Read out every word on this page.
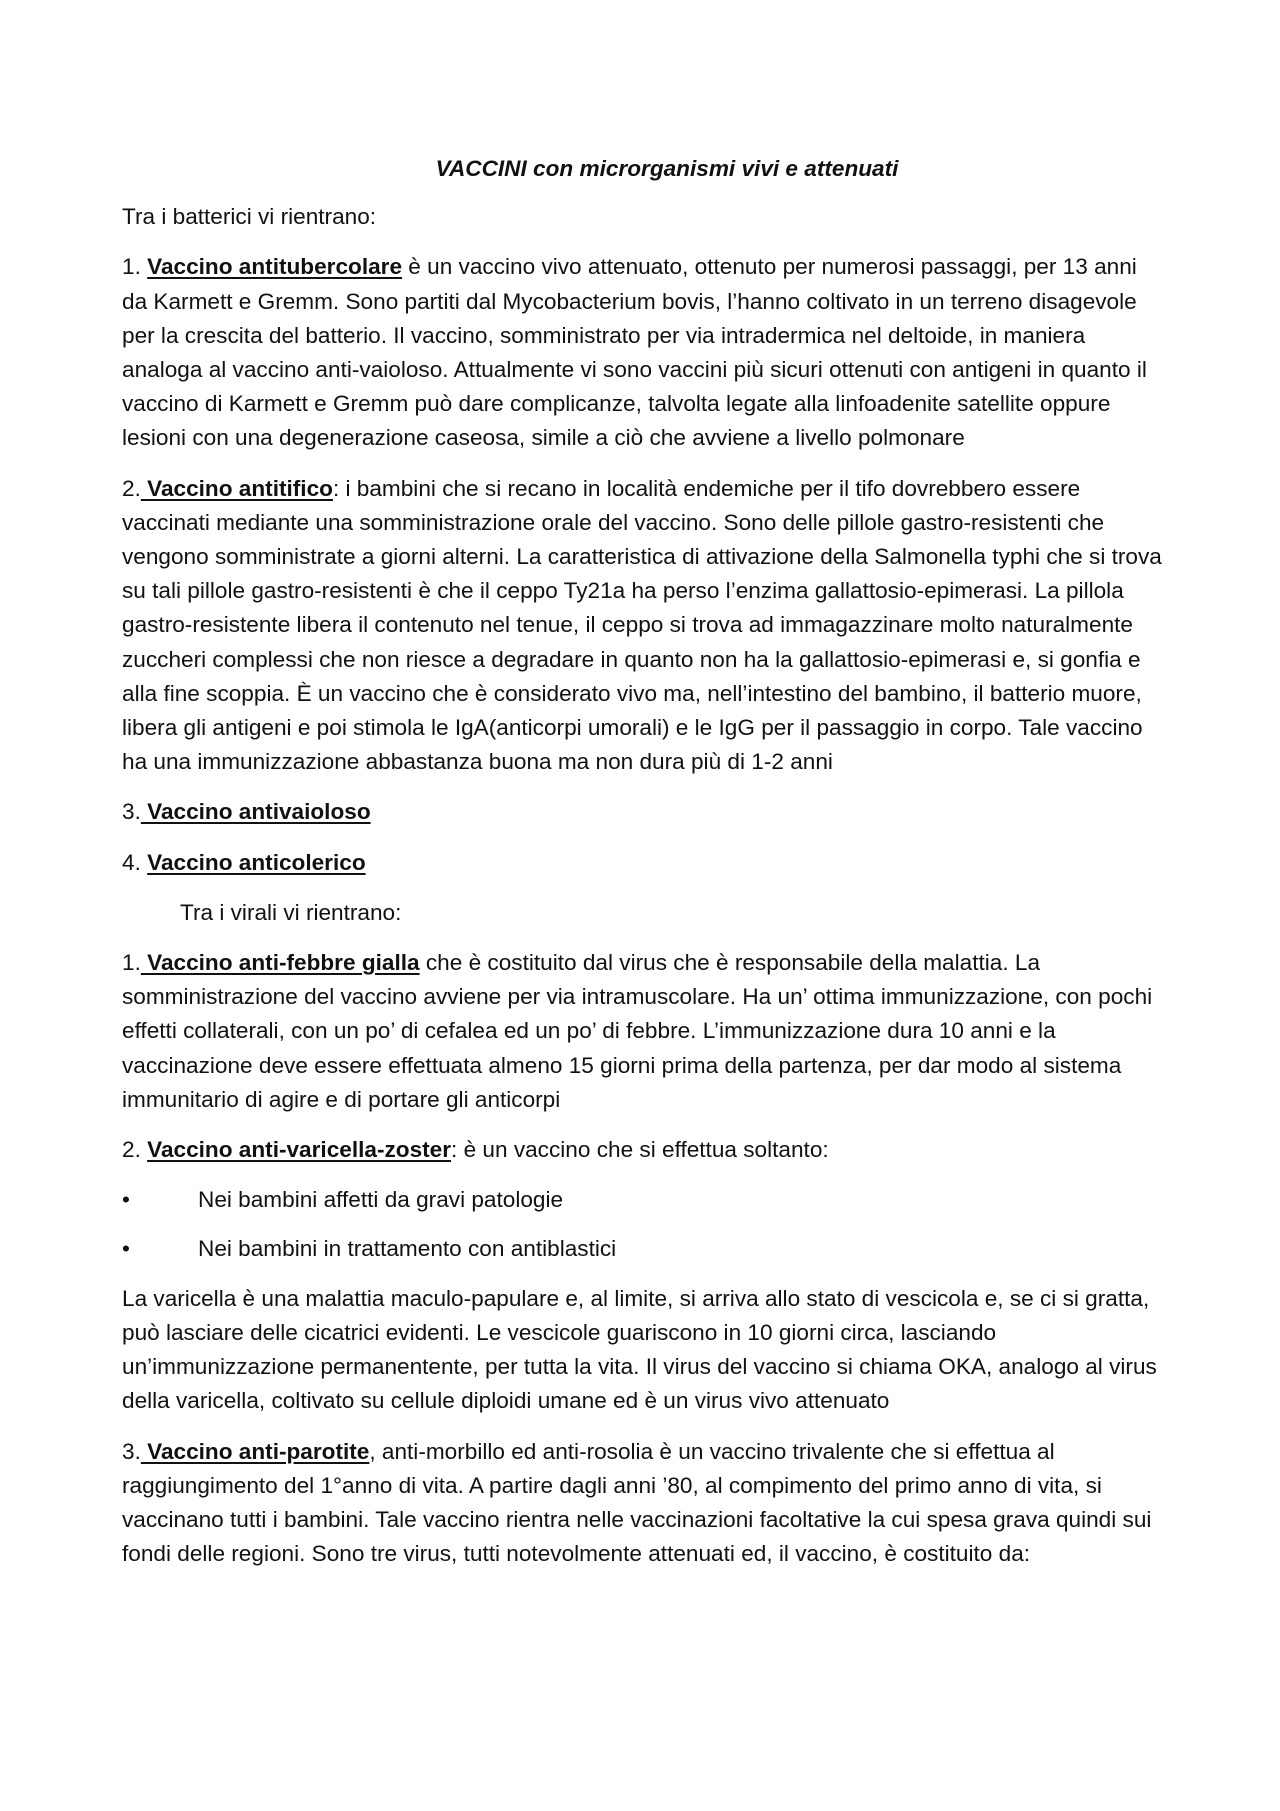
VACCINI con microrganismi vivi e attenuati

Tra i batterici vi rientrano:

1. Vaccino antitubercolare è un vaccino vivo attenuato, ottenuto per numerosi passaggi, per 13 anni da Karmett e Gremm. Sono partiti dal Mycobacterium bovis, l’hanno coltivato in un terreno disagevole per la crescita del batterio. Il vaccino, somministrato per via intradermica nel deltoide, in maniera analoga al vaccino anti-vaioloso. Attualmente vi sono vaccini più sicuri ottenuti con antigeni in quanto il vaccino di Karmett e Gremm può dare complicanze, talvolta legate alla linfoadenite satellite oppure lesioni con una degenerazione caseosa, simile a ciò che avviene a livello polmonare

2. Vaccino antitifico: i bambini che si recano in località endemiche per il tifo dovrebbero essere vaccinati mediante una somministrazione orale del vaccino. Sono delle pillole gastro-resistenti che vengono somministrate a giorni alterni. La caratteristica di attivazione della Salmonella typhi che si trova su tali pillole gastro-resistenti è che il ceppo Ty21a ha perso l’enzima gallattosio-epimerasi. La pillola gastro-resistente libera il contenuto nel tenue, il ceppo si trova ad immagazzinare molto naturalmente zuccheri complessi che non riesce a degradare in quanto non ha la gallattosio-epimerasi e, si gonfia e alla fine scoppia. È un vaccino che è considerato vivo ma, nell’intestino del bambino, il batterio muore, libera gli antigeni e poi stimola le IgA(anticorpi umorali) e le IgG per il passaggio in corpo. Tale vaccino ha una immunizzazione abbastanza buona ma non dura più di 1-2 anni

3. Vaccino antivaioloso

4. Vaccino anticolerico

Tra i virali vi rientrano:

1. Vaccino anti-febbre gialla che è costituito dal virus che è responsabile della malattia. La somministrazione del vaccino avviene per via intramuscolare. Ha un’ ottima immunizzazione, con pochi effetti collaterali, con un po’ di cefalea ed un po’ di febbre. L’immunizzazione dura 10 anni e la vaccinazione deve essere effettuata almeno 15 giorni prima della partenza, per dar modo al sistema immunitario di agire e di portare gli anticorpi

2. Vaccino anti-varicella-zoster: è un vaccino che si effettua soltanto:

•	Nei bambini affetti da gravi patologie
•	Nei bambini in trattamento con antiblastici

La varicella è una malattia maculo-papulare e, al limite, si arriva allo stato di vescicola e, se ci si gratta, può lasciare delle cicatrici evidenti. Le vescicole guariscono in 10 giorni circa, lasciando un’immunizzazione permanentente, per tutta la vita. Il virus del vaccino si chiama OKA, analogo al virus della varicella, coltivato su cellule diploidi umane ed è un virus vivo attenuato

3. Vaccino anti-parotite, anti-morbillo ed anti-rosolia è un vaccino trivalente che si effettua al raggiungimento del 1°anno di vita. A partire dagli anni ’80, al compimento del primo anno di vita, si vaccinano tutti i bambini. Tale vaccino rientra nelle vaccinazioni facoltative la cui spesa grava quindi sui fondi delle regioni. Sono tre virus, tutti notevolmente attenuati ed, il vaccino, è costituito da:
